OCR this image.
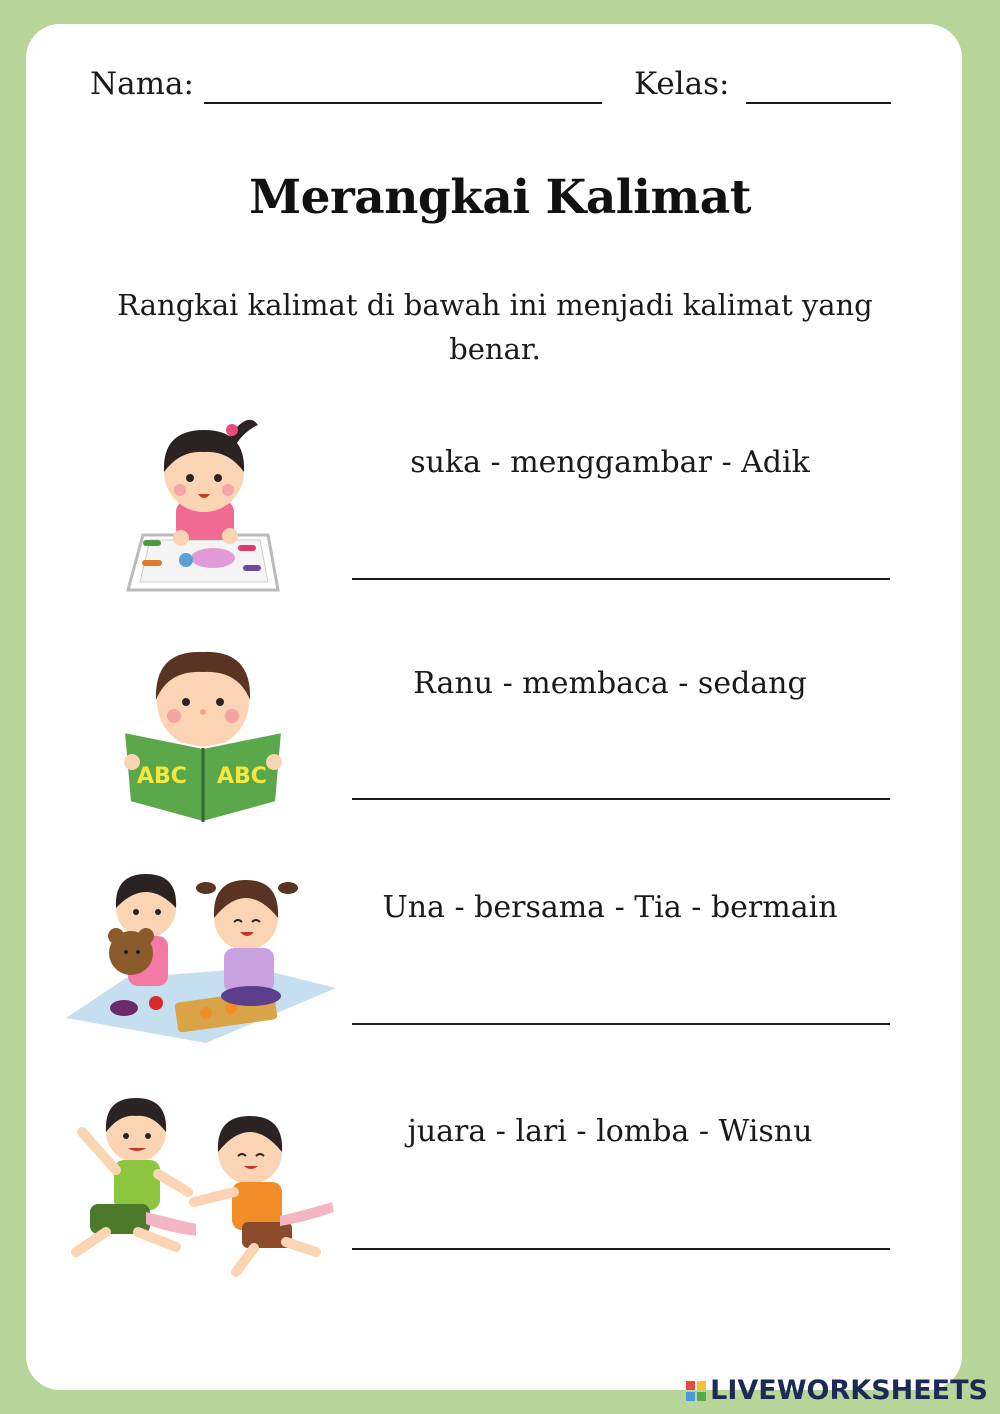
Nama:	Kelas:
Merangkai Kalimat
Rangkai kalimat di bawah ini menjadi kalimat yang benar.
suka - menggambar - Adik
ABC ABC
Ranu - membaca - sedang
Una - bersama - Tia - bermain
juara - lari - lomba - Wisnu
LIVEWORKSHEETS
